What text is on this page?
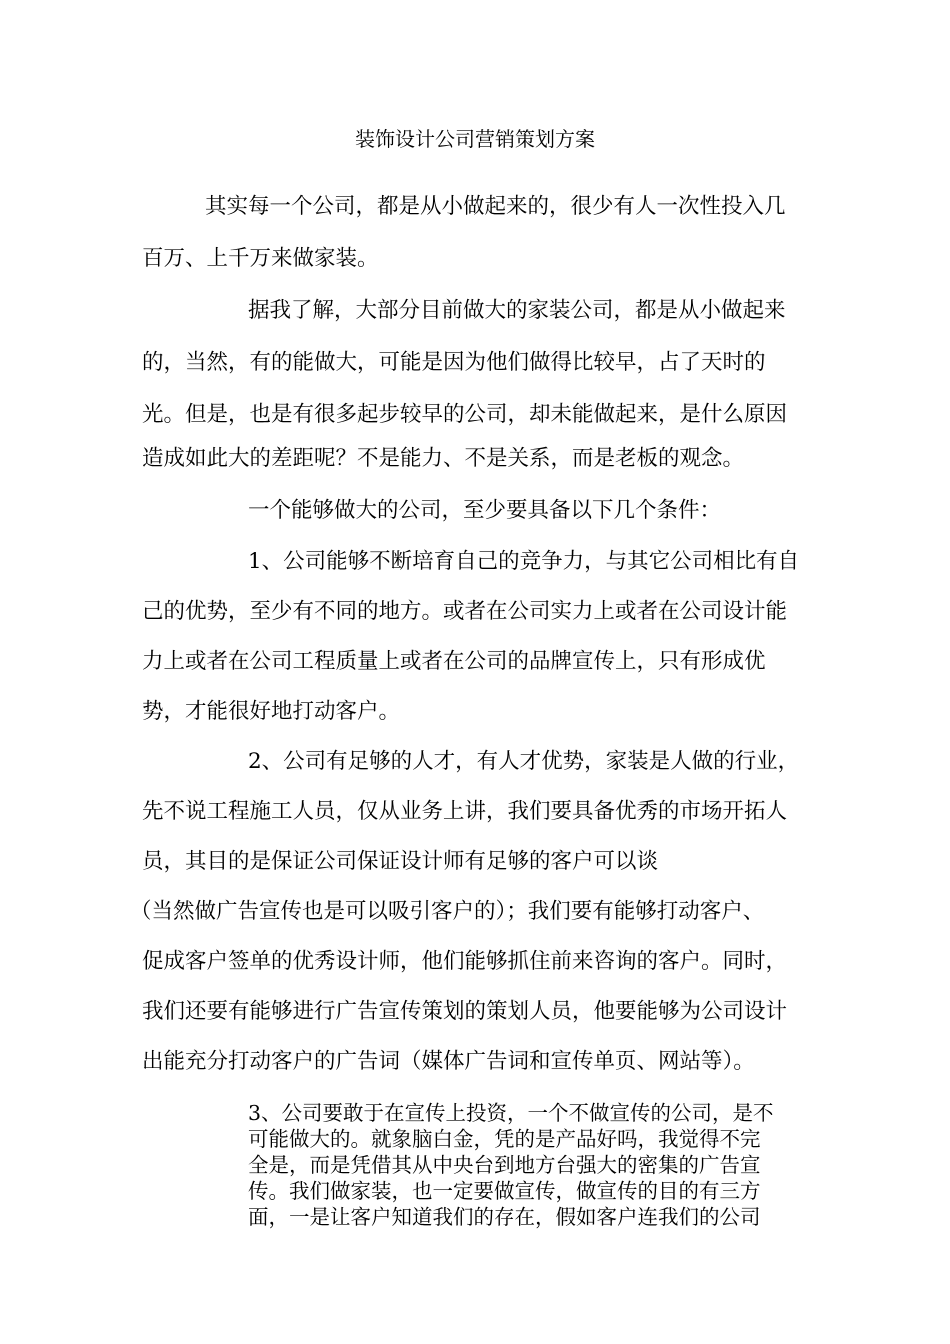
装饰设计公司营销策划方案
其实每一个公司，都是从小做起来的，很少有人一次性投入几
百万、上千万来做家装。
据我了解，大部分目前做大的家装公司，都是从小做起来
的，当然，有的能做大，可能是因为他们做得比较早，占了天时的
光。但是，也是有很多起步较早的公司，却未能做起来，是什么原因
造成如此大的差距呢？不是能力、不是关系，而是老板的观念。
一个能够做大的公司，至少要具备以下几个条件：
1、公司能够不断培育自己的竞争力，与其它公司相比有自
己的优势，至少有不同的地方。或者在公司实力上或者在公司设计能
力上或者在公司工程质量上或者在公司的品牌宣传上，只有形成优
势，才能很好地打动客户。
2、公司有足够的人才，有人才优势，家装是人做的行业，
先不说工程施工人员，仅从业务上讲，我们要具备优秀的市场开拓人
员，其目的是保证公司保证设计师有足够的客户可以谈
（当然做广告宣传也是可以吸引客户的）；我们要有能够打动客户、
促成客户签单的优秀设计师，他们能够抓住前来咨询的客户。同时，
我们还要有能够进行广告宣传策划的策划人员，他要能够为公司设计
出能充分打动客户的广告词（媒体广告词和宣传单页、网站等）。
3、公司要敢于在宣传上投资，一个不做宣传的公司，是不
可能做大的。就象脑白金，凭的是产品好吗，我觉得不完
全是，而是凭借其从中央台到地方台强大的密集的广告宣
传。我们做家装，也一定要做宣传，做宣传的目的有三方
面，一是让客户知道我们的存在，假如客户连我们的公司
